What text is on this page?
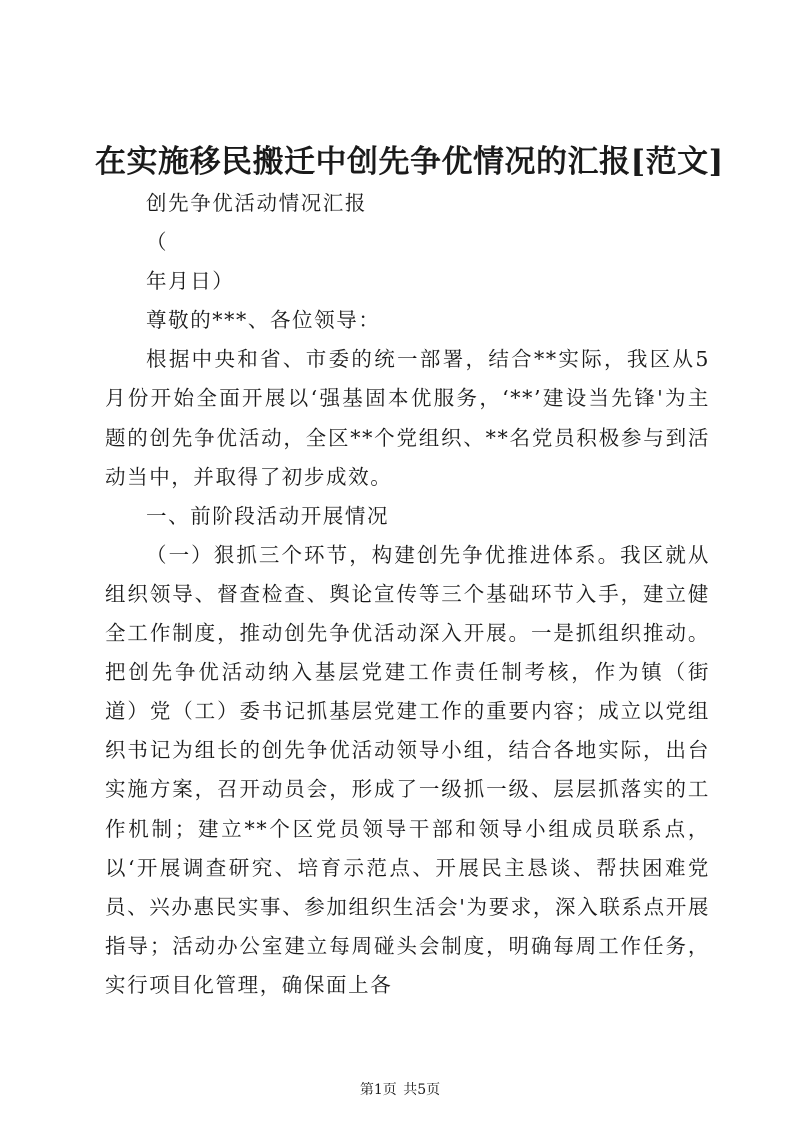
在实施移民搬迁中创先争优情况的汇报[范文]

创先争优活动情况汇报

（

年月日）

尊敬的***、各位领导：

根据中央和省、市委的统一部署，结合**实际，我区从5月份开始全面开展以‘强基固本优服务，‘**’建设当先锋'为主题的创先争优活动，全区**个党组织、**名党员积极参与到活动当中，并取得了初步成效。

一、前阶段活动开展情况

（一）狠抓三个环节，构建创先争优推进体系。我区就从组织领导、督查检查、舆论宣传等三个基础环节入手，建立健全工作制度，推动创先争优活动深入开展。一是抓组织推动。把创先争优活动纳入基层党建工作责任制考核，作为镇（街道）党（工）委书记抓基层党建工作的重要内容；成立以党组织书记为组长的创先争优活动领导小组，结合各地实际，出台实施方案，召开动员会，形成了一级抓一级、层层抓落实的工作机制；建立**个区党员领导干部和领导小组成员联系点，以‘开展调查研究、培育示范点、开展民主恳谈、帮扶困难党员、兴办惠民实事、参加组织生活会'为要求，深入联系点开展指导；活动办公室建立每周碰头会制度，明确每周工作任务，实行项目化管理，确保面上各

第1页 共5页
